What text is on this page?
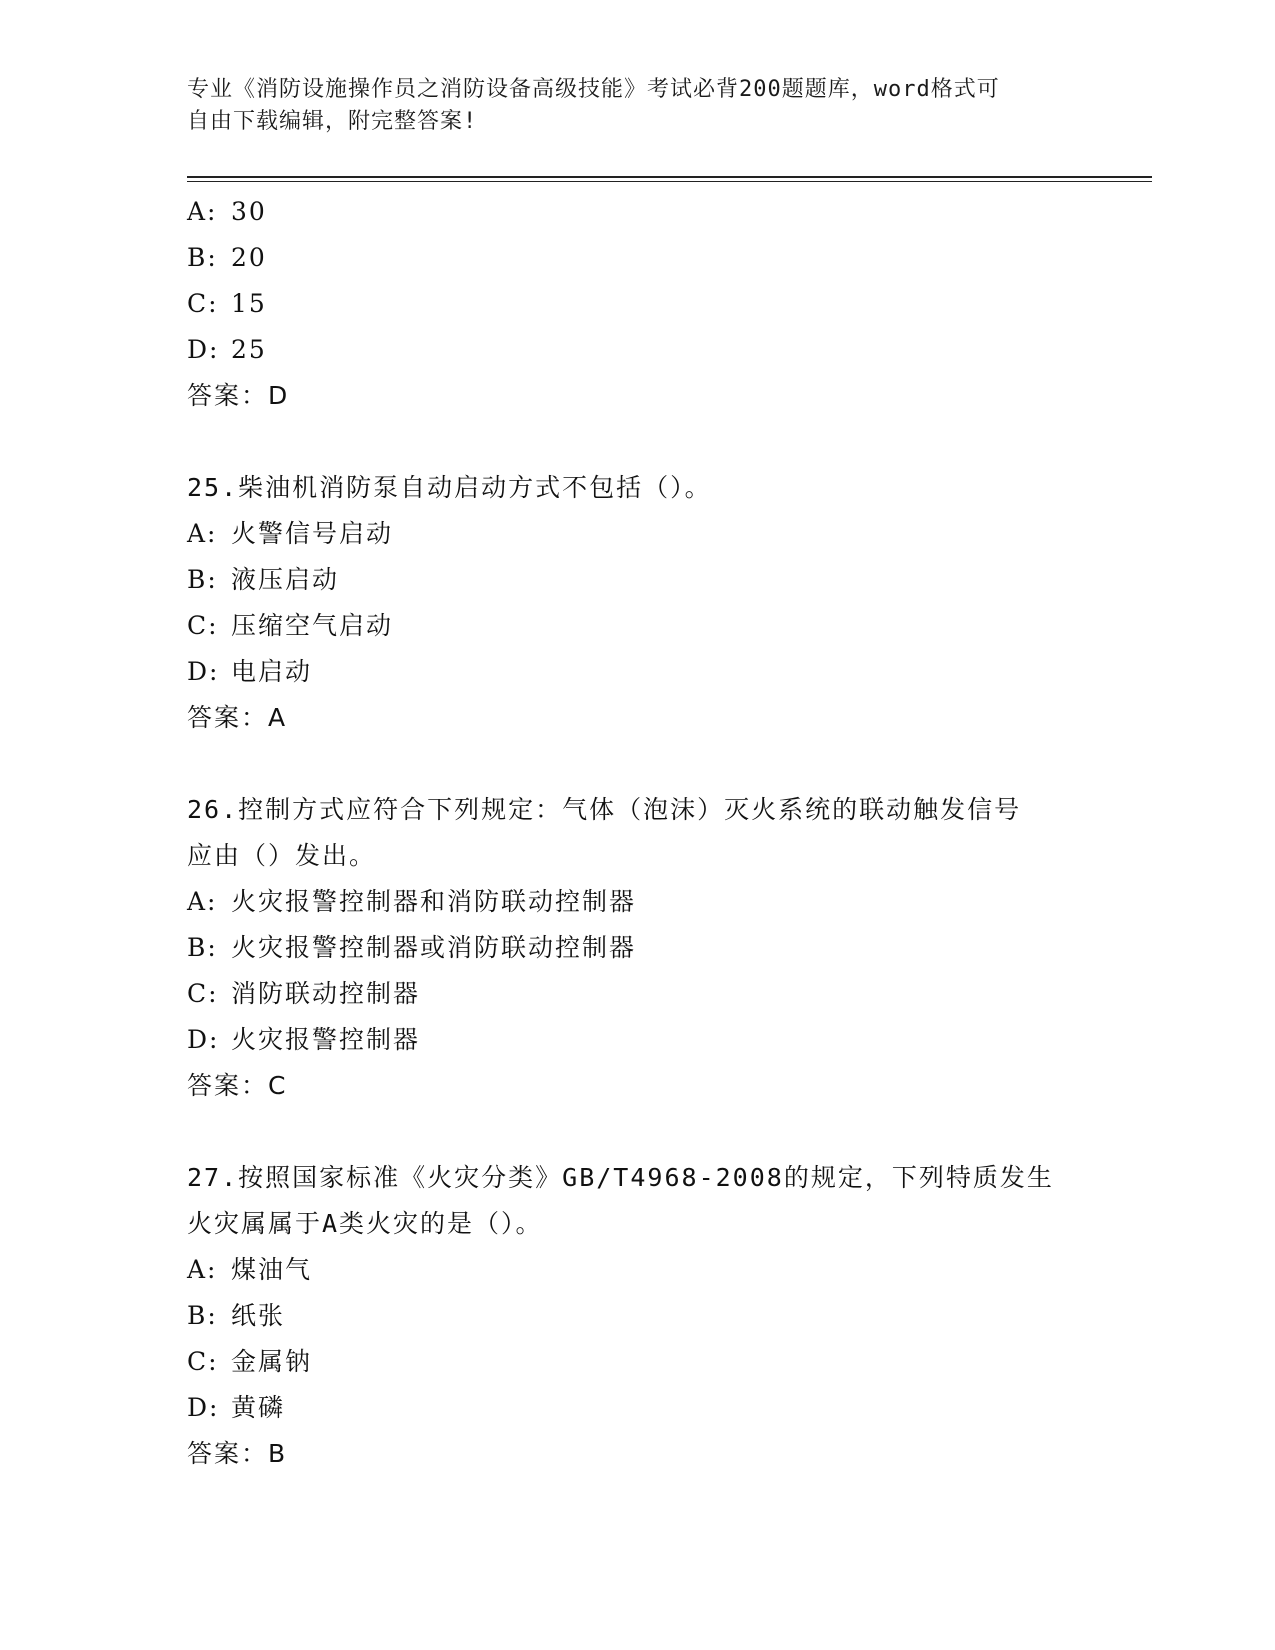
专业《消防设施操作员之消防设备高级技能》考试必背200题题库，word格式可
自由下载编辑，附完整答案!
A: 30
B: 20
C: 15
D: 25
答案：D
25.柴油机消防泵自动启动方式不包括（）。
A: 火警信号启动
B: 液压启动
C: 压缩空气启动
D: 电启动
答案：A
26.控制方式应符合下列规定：气体（泡沫）灭火系统的联动触发信号
应由（）发出。
A: 火灾报警控制器和消防联动控制器
B: 火灾报警控制器或消防联动控制器
C: 消防联动控制器
D: 火灾报警控制器
答案：C
27.按照国家标准《火灾分类》GB/T4968-2008的规定，下列特质发生
火灾属属于A类火灾的是（）。
A: 煤油气
B: 纸张
C: 金属钠
D: 黄磷
答案：B
